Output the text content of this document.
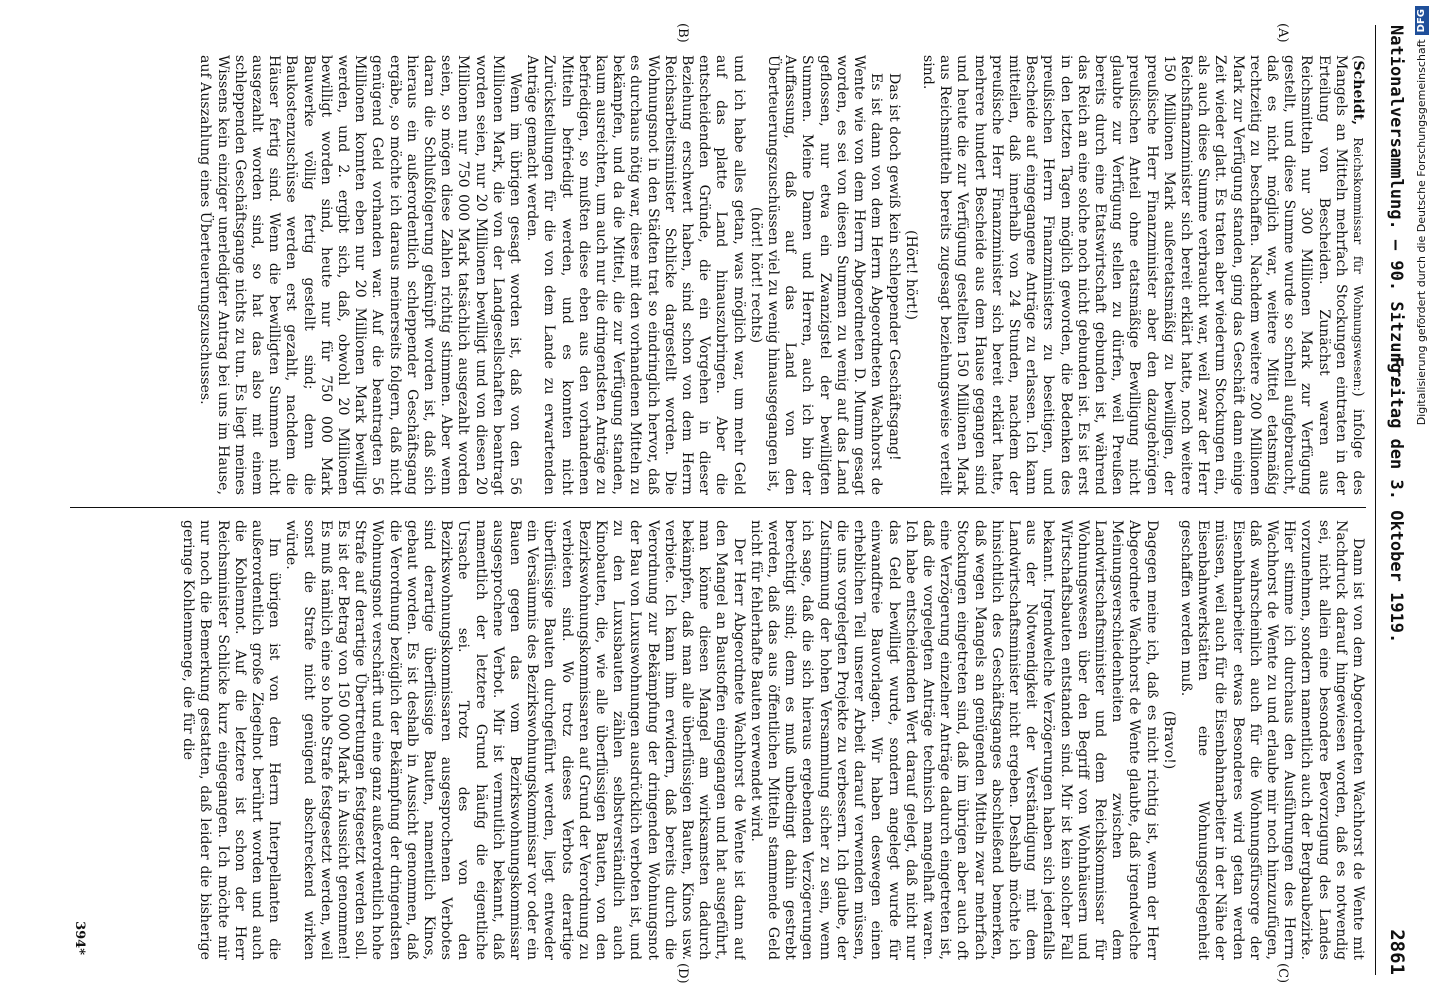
Nationalversammlung. — 90. Sitzung.
Freitag den 3. Oktober 1919.
2861
(A)
(B)
(C)
(D)

(Scheidt, Reichskommissar für Wohnungswesen:) infolge des Mangels an Mitteln mehrfach Stockungen eintraten in der Erteilung von Bescheiden. Zunächst waren aus Reichsmitteln nur 300 Millionen Mark zur Verfügung gestellt, und diese Summe wurde so schnell aufgebraucht, daß es nicht möglich war, weitere Mittel etatsmäßig rechtzeitig zu beschaffen. Nachdem weitere 200 Millionen Mark zur Verfügung standen, ging das Geschäft dann einige Zeit wieder glatt. Es traten aber wiederum Stockungen ein, als auch diese Summe verbraucht war, weil zwar der Herr Reichsfinanzminister sich bereit erklärt hatte, noch weitere 150 Millionen Mark außeretatsmäßig zu bewilligen, der preußische Herr Finanzminister aber den dazugehörigen preußischen Anteil ohne etatsmäßige Bewilligung nicht glaubte zur Verfügung stellen zu dürfen, weil Preußen bereits durch eine Etatswirtschaft gebunden ist, während das Reich an eine solche noch nicht gebunden ist. Es ist erst in den letzten Tagen möglich geworden, die Bedenken des preußischen Herrn Finanzministers zu beseitigen, und Bescheide auf eingegangene Anträge zu erlassen. Ich kann mitteilen, daß innerhalb von 24 Stunden, nachdem der preußische Herr Finanzminister sich bereit erklärt hatte, mehrere hundert Bescheide aus dem Hause gegangen sind und heute die zur Verfügung gestellten 150 Millionen Mark aus Reichsmitteln bereits zugesagt beziehungsweise verteilt sind.

(Hört! hört!)

Das ist doch gewiß kein schleppender Geschäftsgang!

Es ist dann von dem Herrn Abgeordneten Wachhorst de Wente wie von dem Herrn Abgeordneten D. Mumm gesagt worden, es sei von diesen Summen zu wenig auf das Land geflossen, nur etwa ein Zwanzigstel der bewilligten Summen. Meine Damen und Herren, auch ich bin der Auffassung, daß auf das Land von den Überteuerungszuschüssen viel zu wenig hinausgegangen ist,

(hört! hört! rechts)

und ich habe alles getan, was möglich war, um mehr Geld auf das platte Land hinauszubringen. Aber die entscheidenden Gründe, die ein Vorgehen in dieser Beziehung erschwert haben, sind schon von dem Herrn Reichsarbeitsminister Schlicke dargestellt worden. Die Wohnungsnot in den Städten trat so eindringlich hervor, daß es durchaus nötig war, diese mit den vorhandenen Mitteln zu bekämpfen, und da die Mittel, die zur Verfügung standen, kaum ausreichten, um auch nur die dringendsten Anträge zu befriedigen, so mußten diese eben aus den vorhandenen Mitteln befriedigt werden, und es konnten nicht Zurückstellungen für die von dem Lande zu erwartenden Anträge gemacht werden.

Wenn im übrigen gesagt worden ist, daß von den 56 Millionen Mark, die von der Landgesellschaften beantragt worden seien, nur 20 Millionen bewilligt und von diesen 20 Millionen nur 750 000 Mark tatsächlich ausgezahlt worden seien, so mögen diese Zahlen richtig stimmen. Aber wenn daran die Schlußfolgerung geknüpft worden ist, daß sich hieraus ein außerordentlich schleppender Geschäftsgang ergäbe, so möchte ich daraus meinerseits folgern, daß nicht genügend Geld vorhanden war. Auf die beantragten 56 Millionen konnten eben nur 20 Millionen Mark bewilligt werden, und 2. ergibt sich, daß, obwohl 20 Millionen bewilligt worden sind, heute nur für 750 000 Mark Bauwerke völlig fertig gestellt sind; denn die Baukostenzuschüsse werden erst gezahlt, nachdem die Häuser fertig sind. Wenn die bewilligten Summen nicht ausgezahlt worden sind, so hat das also mit einem schleppenden Geschäftsgange nichts zu tun. Es liegt meines Wissens kein einziger unerledigter Antrag bei uns im Hause, auf Auszahlung eines Überteuerungszuschusses.

Dann ist von dem Abgeordneten Wachhorst de Wente mit Nachdruck darauf hingewiesen worden, daß es notwendig sei, nicht allein eine besondere Bevorzugung des Landes vorzunehmen, sondern namentlich auch der Bergbaubezirke. Hier stimme ich durchaus den Ausführungen des Herrn Wachhorst de Wente zu und erlaube mir noch hinzuzufügen, daß wahrscheinlich auch für die Wohnungsfürsorge der Eisenbahnarbeiter etwas Besonderes wird getan werden müssen, weil auch für die Eisenbahnarbeiter in der Nähe der Eisenbahnwerkstätten eine Wohnungsgelegenheit geschaffen werden muß.

(Bravo!)

Dagegen meine ich, daß es nicht richtig ist, wenn der Herr Abgeordnete Wachhorst de Wente glaubte, daß irgendwelche Meinungsverschiedenheiten zwischen dem Landwirtschaftsminister und dem Reichskommissar für Wohnungswesen über den Begriff von Wohnhäusern und Wirtschaftsbauten entstanden sind. Mir ist kein solcher Fall bekannt. Irgendwelche Verzögerungen haben sich jedenfalls aus der Notwendigkeit der Verständigung mit dem Landwirtschaftsminister nicht ergeben. Deshalb möchte ich hinsichtlich des Geschäftsganges abschließend bemerken, daß wegen Mangels an genügenden Mitteln zwar mehrfach Stockungen eingetreten sind, daß im übrigen aber auch oft eine Verzögerung einzelner Anträge dadurch eingetreten ist, daß die vorgelegten Anträge technisch mangelhaft waren. Ich habe entscheidenden Wert darauf gelegt, daß nicht nur das Geld bewilligt wurde, sondern angelegt wurde für einwandfreie Bauvorlagen. Wir haben deswegen einen erheblichen Teil unserer Arbeit darauf verwenden müssen, die uns vorgelegten Projekte zu verbessern. Ich glaube, der Zustimmung der hohen Versammlung sicher zu sein, wenn ich sage, daß die sich hieraus ergebenden Verzögerungen berechtigt sind; denn es muß unbedingt dahin gestrebt werden, daß das aus öffentlichen Mitteln stammende Geld nicht für fehlerhafte Bauten verwendet wird.

Der Herr Abgeordnete Wachhorst de Wente ist dann auf den Mangel an Baustoffen eingegangen und hat ausgeführt, man könne diesen Mangel am wirksamsten dadurch bekämpfen, daß man alle überflüssigen Bauten, Kinos usw. verbiete. Ich kann ihm erwidern, daß bereits durch die Verordnung zur Bekämpfung der dringenden Wohnungsnot der Bau von Luxuswohnungen ausdrücklich verboten ist, und zu den Luxusbauten zählen selbstverständlich auch Kinobauten, die, wie alle überflüssigen Bauten, von den Bezirkswohnungskommissaren auf Grund der Verordnung zu verbieten sind. Wo trotz dieses Verbots derartige überflüssige Bauten durchgeführt werden, liegt entweder ein Versäumnis des Bezirkswohnungskommissar vor oder ein Bauen gegen das vom Bezirkswohnungskommissar ausgesprochene Verbot. Mir ist vermutlich bekannt, daß namentlich der letztere Grund häufig die eigentliche Ursache sei. Trotz des von den Bezirkswohnungskommissaren ausgesprochenen Verbotes sind derartige überflüssige Bauten, namentlich Kinos, gebaut worden. Es ist deshalb in Aussicht genommen, daß die Verordnung bezüglich der Bekämpfung der dringendsten Wohnungsnot verschärft und eine ganz außerordentlich hohe Strafe auf derartige Übertretungen festgesetzt werden soll. Es ist der Betrag von 150 000 Mark in Aussicht genommen! Es muß nämlich eine so hohe Strafe festgesetzt werden, weil sonst die Strafe nicht genügend abschreckend wirken würde.

Im übrigen ist von dem Herrn Interpellanten die außerordentlich große Ziegelnot berührt worden und auch die Kohlennot. Auf die letztere ist schon der Herr Reichsminister Schlicke kurz eingegangen. Ich möchte mir nur noch die Bemerkung gestatten, daß leider die bisherige geringe Kohlenmenge, die für die

394*
Digitalisierung gefördert durch die Deutsche ForschungsgemeinschaftDFG
